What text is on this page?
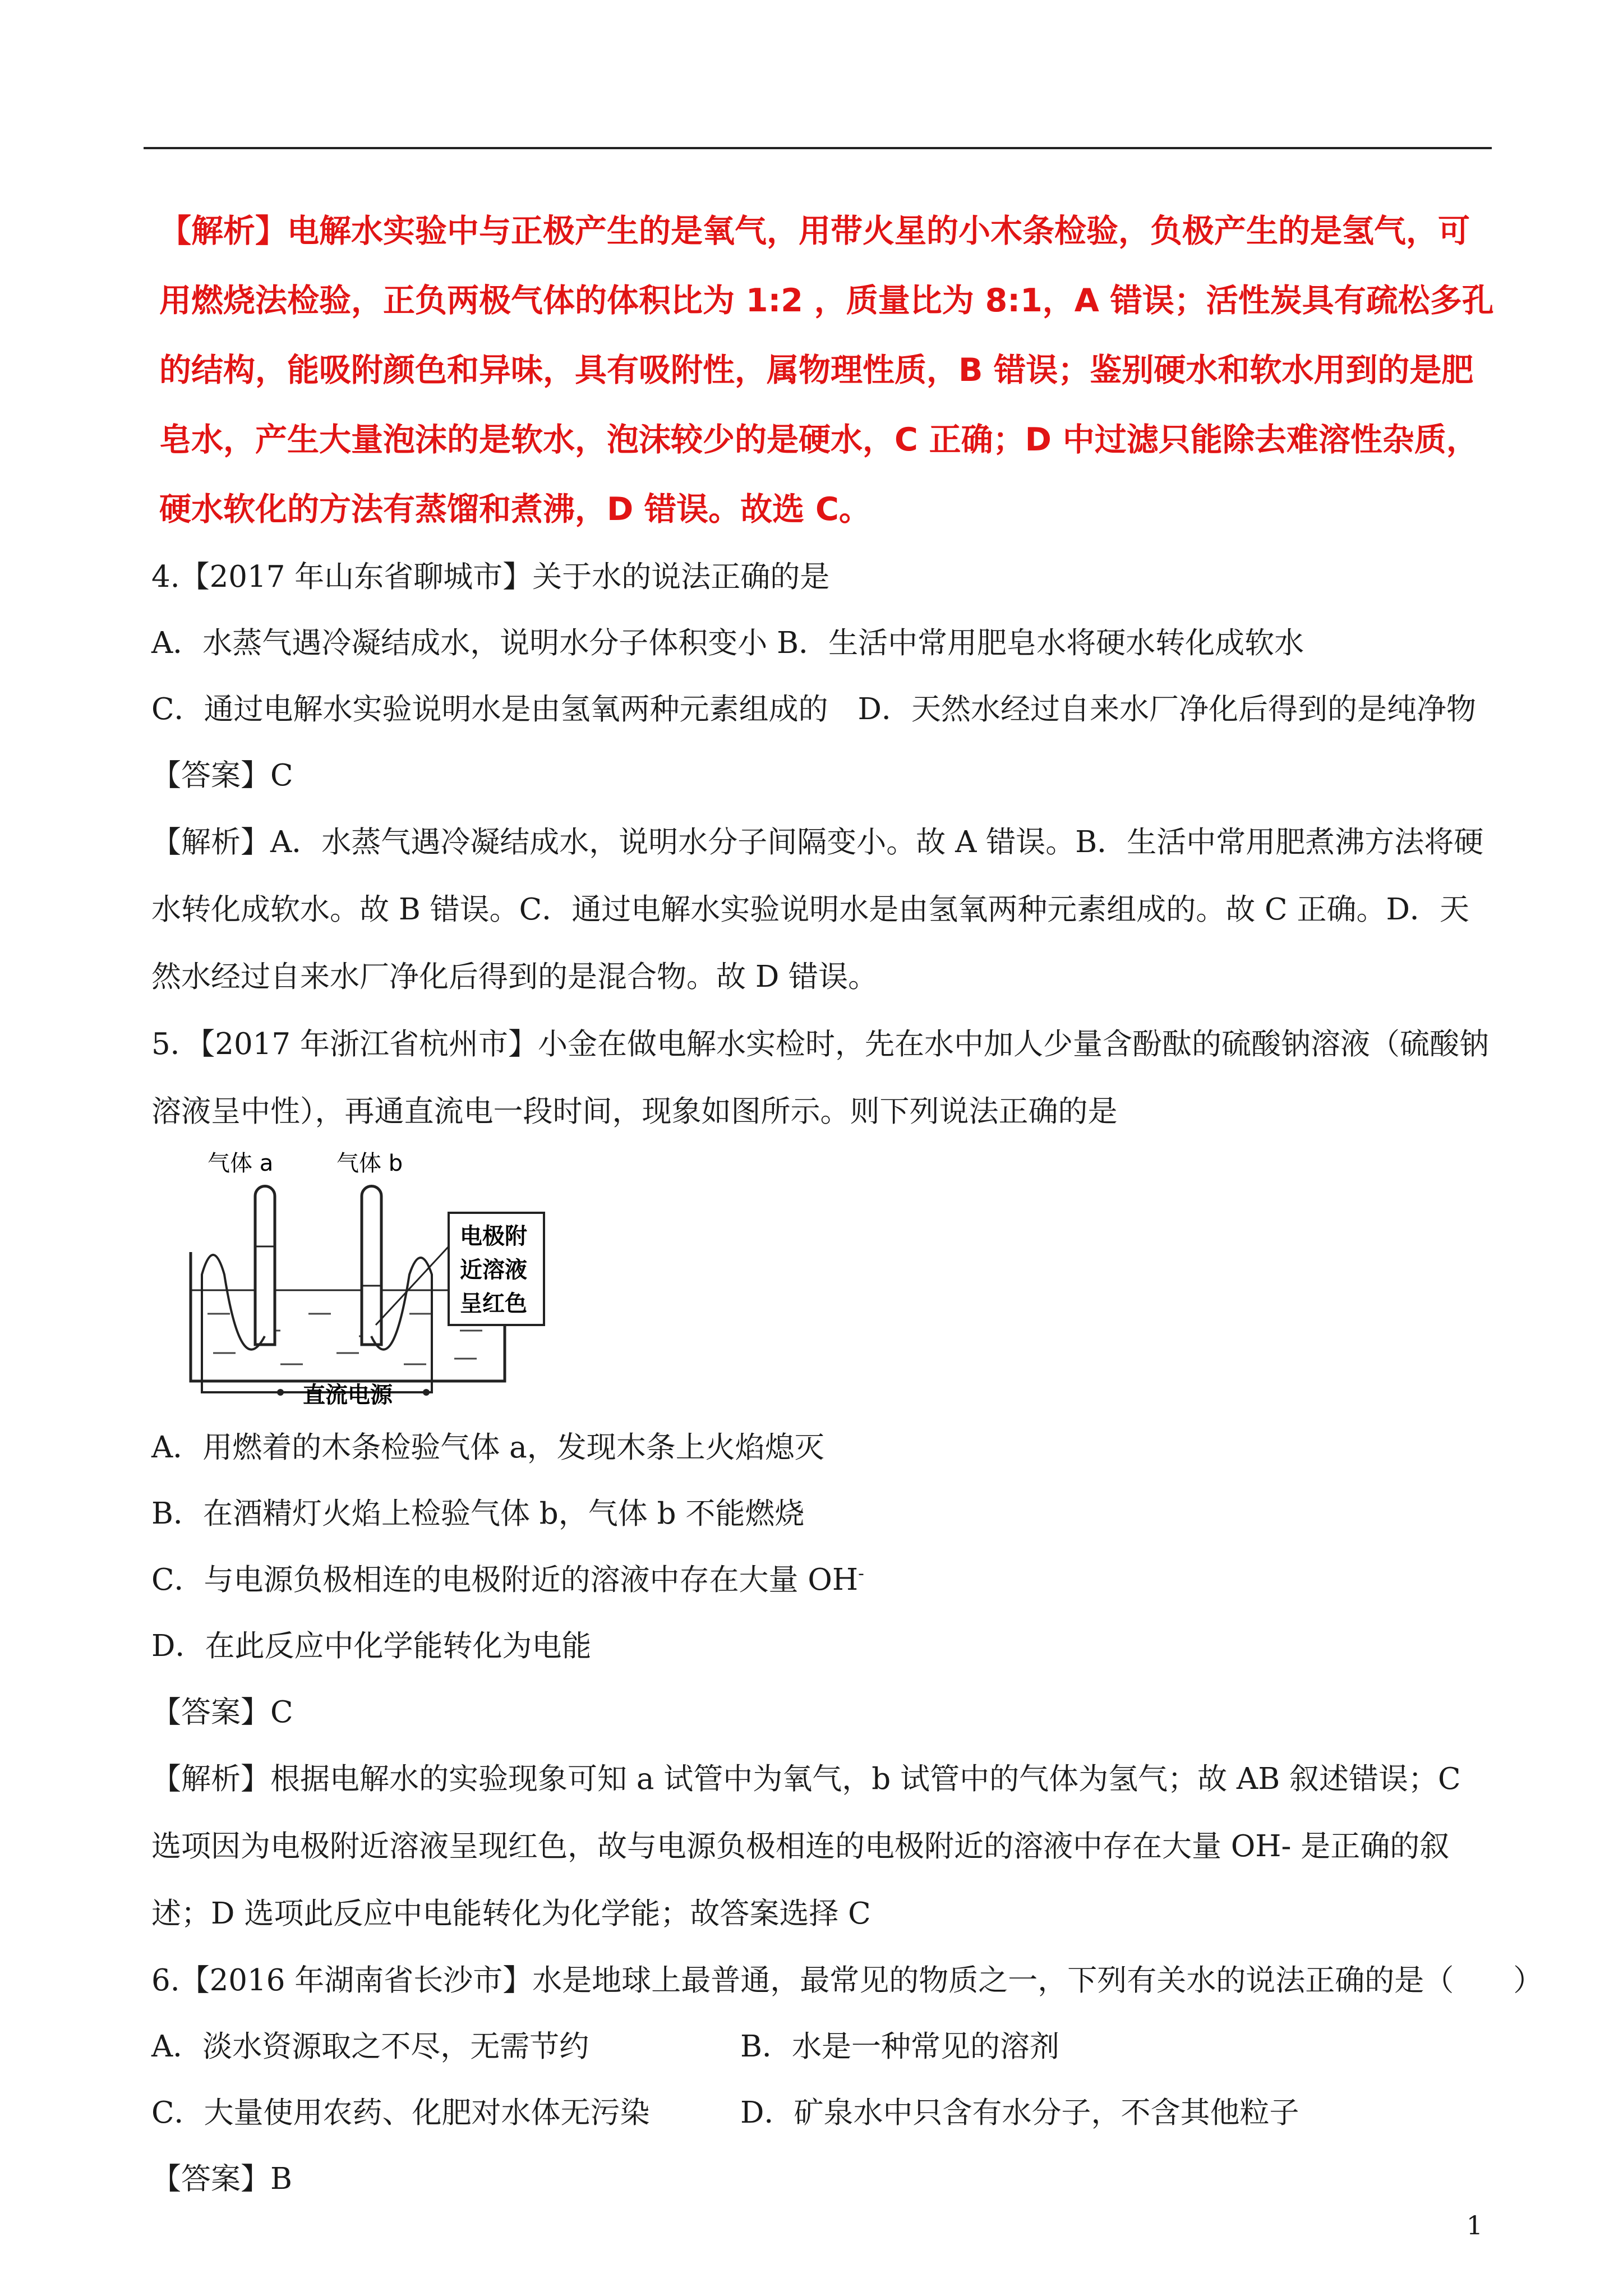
【解析】电解水实验中与正极产生的是氧气，用带火星的小木条检验，负极产生的是氢气，可用燃烧法检验，正负两极气体的体积比为 1:2 ，质量比为 8:1，A 错误；活性炭具有疏松多孔的结构，能吸附颜色和异味，具有吸附性，属物理性质，B 错误；鉴别硬水和软水用到的是肥皂水，产生大量泡沫的是软水，泡沫较少的是硬水，C 正确；D 中过滤只能除去难溶性杂质，硬水软化的方法有蒸馏和煮沸，D 错误。故选 C。
4.【2017 年山东省聊城市】关于水的说法正确的是
A．水蒸气遇冷凝结成水，说明水分子体积变小 B．生活中常用肥皂水将硬水转化成软水
C．通过电解水实验说明水是由氢氧两种元素组成的　D．天然水经过自来水厂净化后得到的是纯净物
【答案】C
【解析】A．水蒸气遇冷凝结成水，说明水分子间隔变小。故 A 错误。B．生活中常用肥煮沸方法将硬水转化成软水。故 B 错误。C．通过电解水实验说明水是由氢氧两种元素组成的。故 C 正确。D．天然水经过自来水厂净化后得到的是混合物。故 D 错误。
5．【2017 年浙江省杭州市】小金在做电解水实检时，先在水中加人少量含酚酞的硫酸钠溶液（硫酸钠溶液呈中性），再通直流电一段时间，现象如图所示。则下列说法正确的是
电极附
近溶液
呈红色
气体 a	气体 b
直流电源
A．用燃着的木条检验气体 a，发现木条上火焰熄灭
B．在酒精灯火焰上检验气体 b，气体 b 不能燃烧
C．与电源负极相连的电极附近的溶液中存在大量 OH-
D．在此反应中化学能转化为电能
【答案】C
【解析】根据电解水的实验现象可知 a 试管中为氧气，b 试管中的气体为氢气；故 AB 叙述错误；C 选项因为电极附近溶液呈现红色，故与电源负极相连的电极附近的溶液中存在大量 OH- 是正确的叙述；D 选项此反应中电能转化为化学能；故答案选择 C
6.【2016 年湖南省长沙市】水是地球上最普通，最常见的物质之一，下列有关水的说法正确的是（　　）
A．淡水资源取之不尽，无需节约	B．水是一种常见的溶剂
C．大量使用农药、化肥对水体无污染	D．矿泉水中只含有水分子，不含其他粒子
【答案】B
1
